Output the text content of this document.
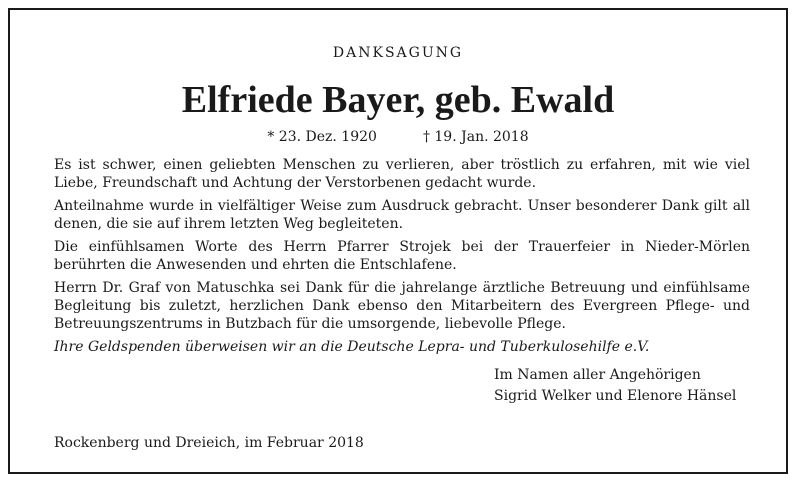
DANKSAGUNG
Elfriede Bayer, geb. Ewald
* 23. Dez. 1920	† 19. Jan. 2018

Es ist schwer, einen geliebten Menschen zu verlieren, aber tröstlich zu erfahren, mit wie viel Liebe, Freundschaft und Achtung der Verstorbenen gedacht wurde.

Anteilnahme wurde in vielfältiger Weise zum Ausdruck gebracht. Unser besonderer Dank gilt all denen, die sie auf ihrem letzten Weg begleiteten.

Die einfühlsamen Worte des Herrn Pfarrer Strojek bei der Trauerfeier in Nieder-Mörlen berührten die Anwesenden und ehrten die Entschlafene.

Herrn Dr. Graf von Matuschka sei Dank für die jahrelange ärztliche Betreuung und einfühlsame Begleitung bis zuletzt, herzlichen Dank ebenso den Mitarbeitern des Evergreen Pflege- und Betreuungszentrums in Butzbach für die umsorgende, liebevolle Pflege.

Ihre Geldspenden überweisen wir an die Deutsche Lepra- und Tuberkulosehilfe e.V.

Im Namen aller Angehörigen
Sigrid Welker und Elenore Hänsel
Rockenberg und Dreieich, im Februar 2018
